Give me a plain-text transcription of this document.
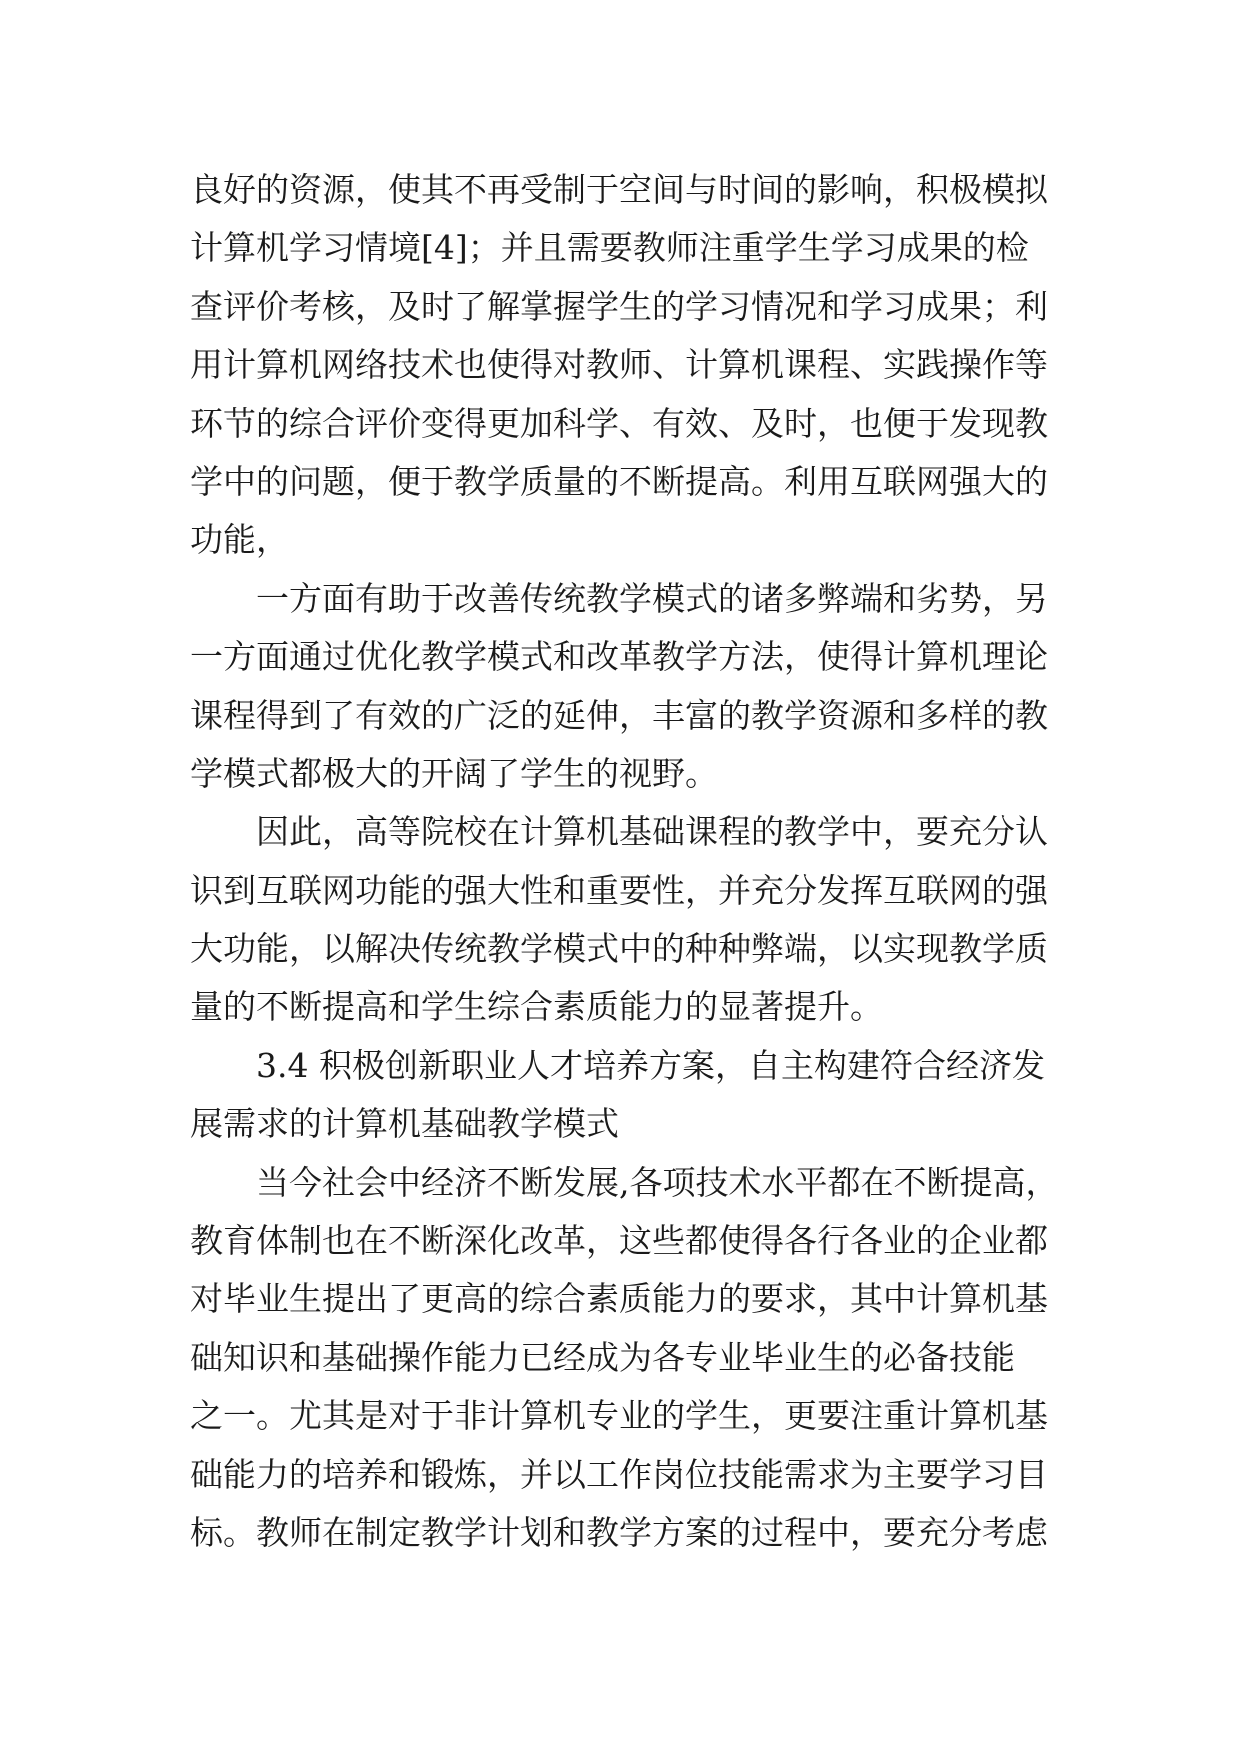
良好的资源，使其不再受制于空间与时间的影响，积极模拟
计算机学习情境[4]；并且需要教师注重学生学习成果的检
查评价考核，及时了解掌握学生的学习情况和学习成果；利
用计算机网络技术也使得对教师、计算机课程、实践操作等
环节的综合评价变得更加科学、有效、及时，也便于发现教
学中的问题，便于教学质量的不断提高。利用互联网强大的
功能，
　　一方面有助于改善传统教学模式的诸多弊端和劣势，另
一方面通过优化教学模式和改革教学方法，使得计算机理论
课程得到了有效的广泛的延伸，丰富的教学资源和多样的教
学模式都极大的开阔了学生的视野。
　　因此，高等院校在计算机基础课程的教学中，要充分认
识到互联网功能的强大性和重要性，并充分发挥互联网的强
大功能，以解决传统教学模式中的种种弊端，以实现教学质
量的不断提高和学生综合素质能力的显著提升。
　　3.4 积极创新职业人才培养方案，自主构建符合经济发
展需求的计算机基础教学模式
　　当今社会中经济不断发展,各项技术水平都在不断提高，
教育体制也在不断深化改革，这些都使得各行各业的企业都
对毕业生提出了更高的综合素质能力的要求，其中计算机基
础知识和基础操作能力已经成为各专业毕业生的必备技能
之一。尤其是对于非计算机专业的学生，更要注重计算机基
础能力的培养和锻炼，并以工作岗位技能需求为主要学习目
标。教师在制定教学计划和教学方案的过程中，要充分考虑
